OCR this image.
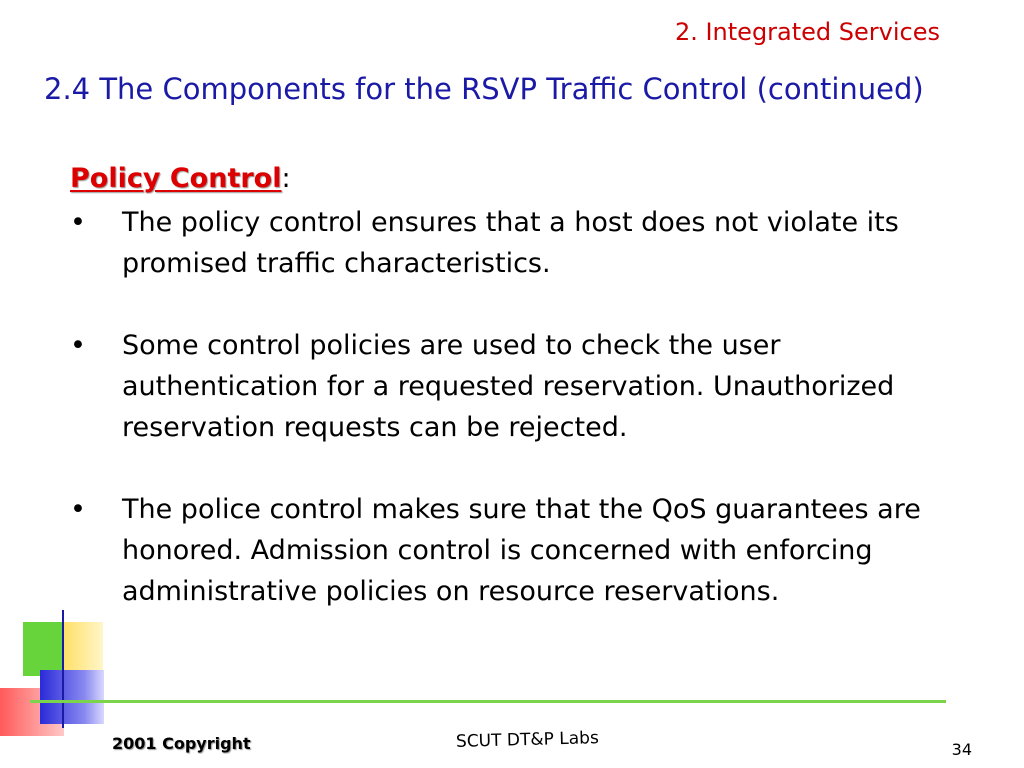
2. Integrated Services
2.4 The Components for the RSVP Traffic Control (continued)
Policy Control:
• The policy control ensures that a host does not violate its promised traffic characteristics.
• Some control policies are used to check the user authentication for a requested reservation. Unauthorized reservation requests can be rejected.
• The police control makes sure that the QoS guarantees are honored. Admission control is concerned with enforcing administrative policies on resource reservations.
2001 Copyright	SCUT DT&P Labs	34
